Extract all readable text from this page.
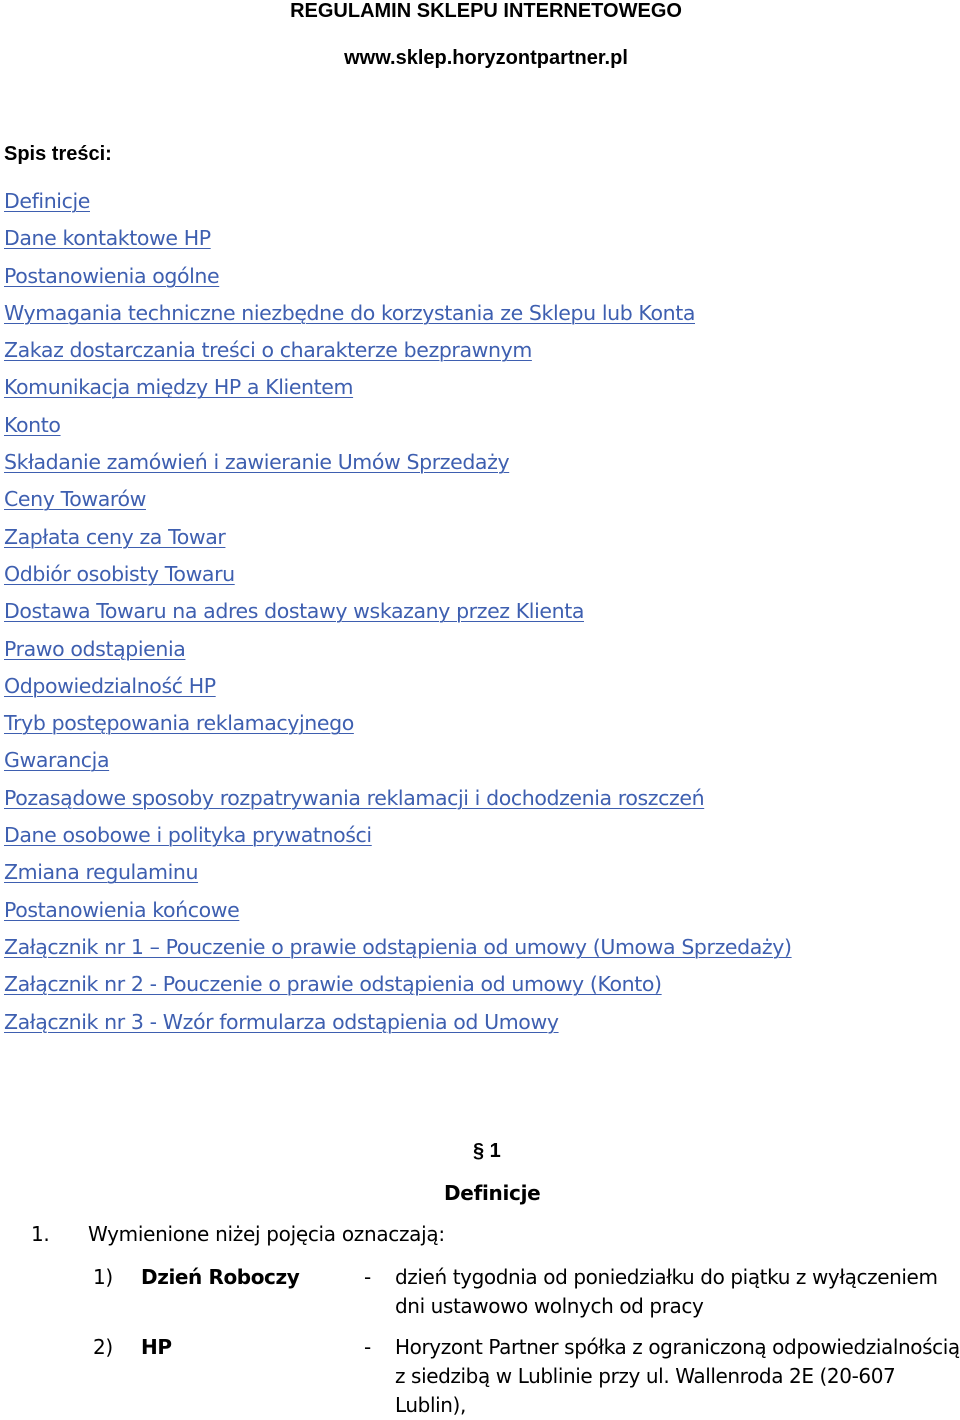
REGULAMIN SKLEPU INTERNETOWEGO
www.sklep.horyzontpartner.pl
Spis treści:
Definicje
Dane kontaktowe HP
Postanowienia ogólne
Wymagania techniczne niezbędne do korzystania ze Sklepu lub Konta
Zakaz dostarczania treści o charakterze bezprawnym
Komunikacja między HP a Klientem
Konto
Składanie zamówień i zawieranie Umów Sprzedaży
Ceny Towarów
Zapłata ceny za Towar
Odbiór osobisty Towaru
Dostawa Towaru na adres dostawy wskazany przez Klienta
Prawo odstąpienia
Odpowiedzialność HP
Tryb postępowania reklamacyjnego
Gwarancja
Pozasądowe sposoby rozpatrywania reklamacji i dochodzenia roszczeń
Dane osobowe i polityka prywatności
Zmiana regulaminu
Postanowienia końcowe
Załącznik nr 1 – Pouczenie o prawie odstąpienia od umowy (Umowa Sprzedaży)
Załącznik nr 2 - Pouczenie o prawie odstąpienia od umowy (Konto)
Załącznik nr 3 - Wzór formularza odstąpienia od Umowy
§ 1
Definicje
1. Wymienione niżej pojęcia oznaczają:
1) Dzień Roboczy	- dzień tygodnia od poniedziałku do piątku z wyłączeniem dni ustawowo wolnych od pracy
2) HP	- Horyzont Partner spółka z ograniczoną odpowiedzialnością z siedzibą w Lublinie przy ul. Wallenroda 2E (20-607 Lublin),
